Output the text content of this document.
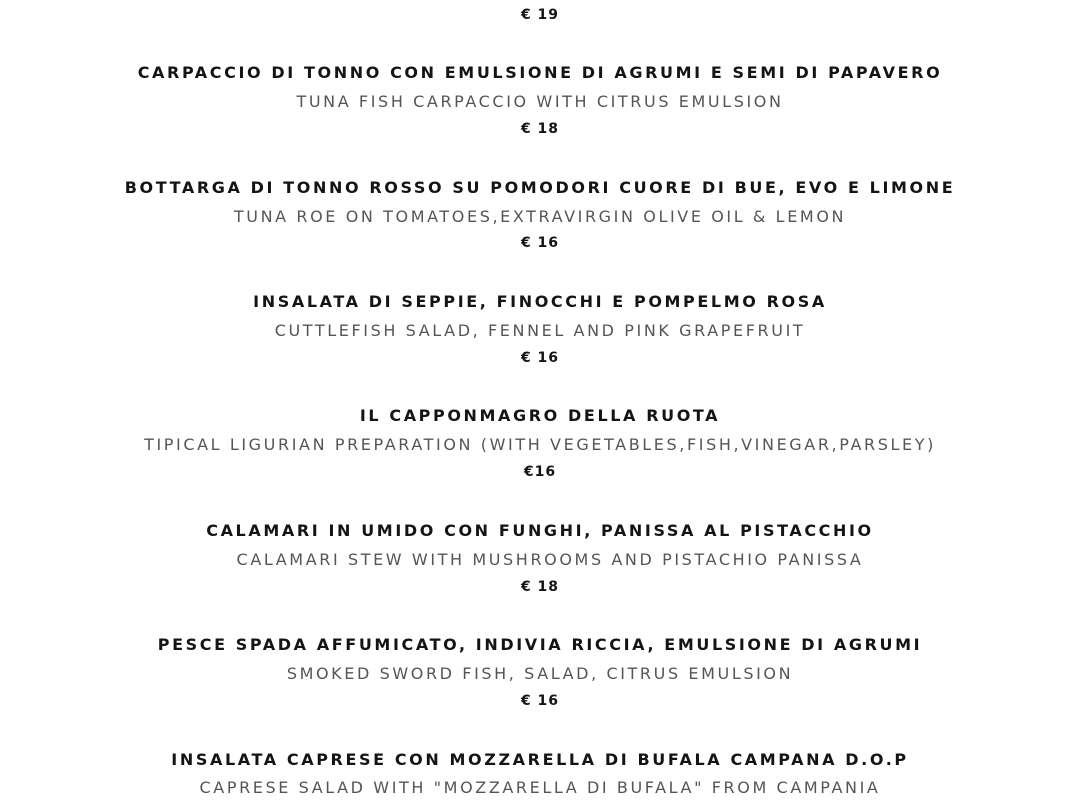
€ 19
CARPACCIO DI TONNO CON EMULSIONE DI AGRUMI E SEMI DI PAPAVERO
TUNA FISH CARPACCIO WITH CITRUS EMULSION
€ 18
BOTTARGA DI TONNO ROSSO SU POMODORI CUORE DI BUE, EVO E LIMONE
TUNA ROE ON TOMATOES,EXTRAVIRGIN OLIVE OIL & LEMON
€ 16
INSALATA DI SEPPIE, FINOCCHI E POMPELMO ROSA
CUTTLEFISH SALAD, FENNEL AND PINK GRAPEFRUIT
€ 16
IL CAPPONMAGRO DELLA RUOTA
TIPICAL LIGURIAN PREPARATION (WITH VEGETABLES,FISH,VINEGAR,PARSLEY)
€16
CALAMARI IN UMIDO CON FUNGHI, PANISSA AL PISTACCHIO
CALAMARI STEW WITH MUSHROOMS AND PISTACHIO PANISSA
€ 18
PESCE SPADA AFFUMICATO, INDIVIA RICCIA, EMULSIONE DI AGRUMI
SMOKED SWORD FISH, SALAD, CITRUS EMULSION
€ 16
INSALATA CAPRESE CON MOZZARELLA DI BUFALA CAMPANA D.O.P
CAPRESE SALAD WITH "MOZZARELLA DI BUFALA" FROM CAMPANIA
